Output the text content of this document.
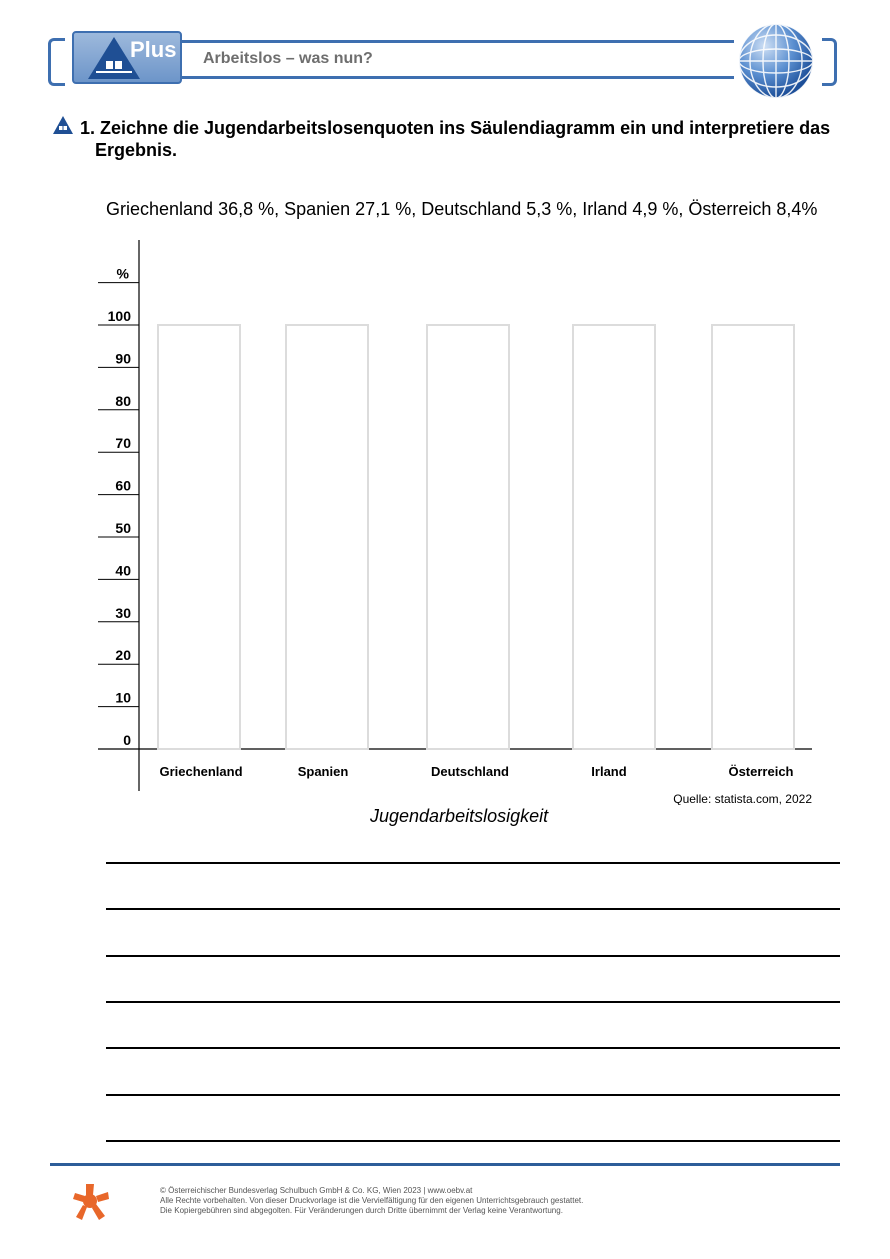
Plus Arbeitslos – was nun?
1. Zeichne die Jugendarbeitslosenquoten ins Säulendiagramm ein und interpretiere das
Ergebnis.
Griechenland 36,8 %, Spanien 27,1 %, Deutschland 5,3 %, Irland 4,9 %, Österreich 8,4%
0
10
20
30
40
50
60
70
80
90
100
%
Griechenland	Spanien	Deutschland	Irland	Österreich
Quelle: statista.com, 2022
Jugendarbeitslosigkeit
© Österreichischer Bundesverlag Schulbuch GmbH & Co. KG, Wien 2023 | www.oebv.at
Alle Rechte vorbehalten. Von dieser Druckvorlage ist die Vervielfältigung für den eigenen Unterrichtsgebrauch gestattet.
Die Kopiergebühren sind abgegolten. Für Veränderungen durch Dritte übernimmt der Verlag keine Verantwortung.
